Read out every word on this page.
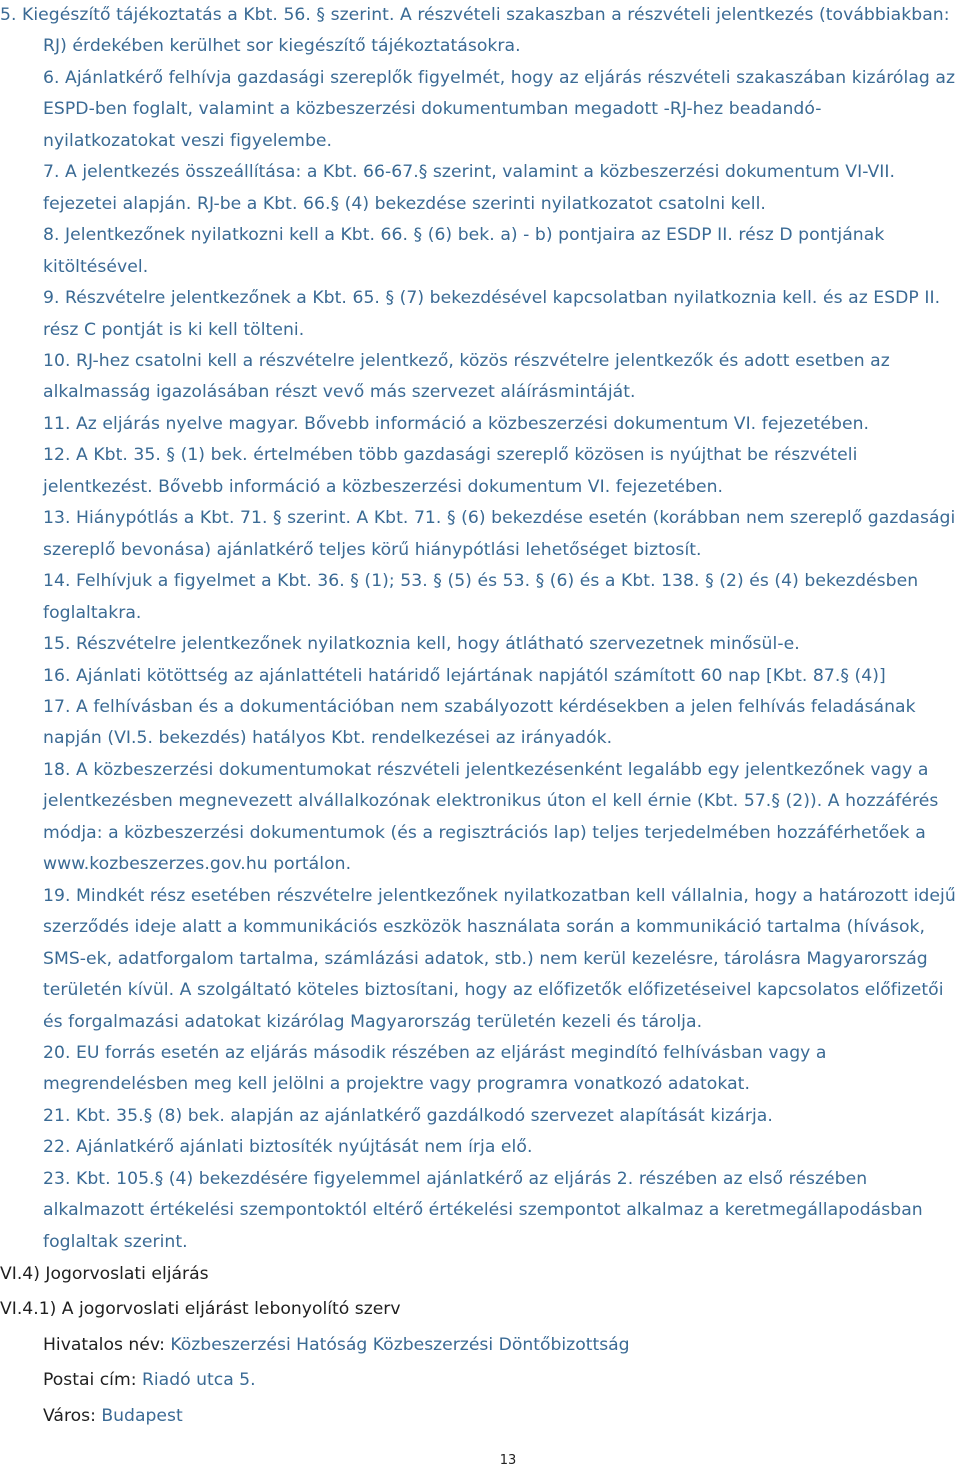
5. Kiegészítő tájékoztatás a Kbt. 56. § szerint. A részvételi szakaszban a részvételi jelentkezés (továbbiakban: RJ) érdekében kerülhet sor kiegészítő tájékoztatásokra.

6. Ajánlatkérő felhívja gazdasági szereplők figyelmét, hogy az eljárás részvételi szakaszában kizárólag az ESPD-ben foglalt, valamint a közbeszerzési dokumentumban megadott -RJ-hez beadandó- nyilatkozatokat veszi figyelembe.

7. A jelentkezés összeállítása: a Kbt. 66-67.§ szerint, valamint a közbeszerzési dokumentum VI-VII. fejezetei alapján. RJ-be a Kbt. 66.§ (4) bekezdése szerinti nyilatkozatot csatolni kell.

8. Jelentkezőnek nyilatkozni kell a Kbt. 66. § (6) bek. a) - b) pontjaira az ESDP II. rész D pontjának kitöltésével.

9. Részvételre jelentkezőnek a Kbt. 65. § (7) bekezdésével kapcsolatban nyilatkoznia kell. és az ESDP II. rész C pontját is ki kell tölteni.

10. RJ-hez csatolni kell a részvételre jelentkező, közös részvételre jelentkezők és adott esetben az alkalmasság igazolásában részt vevő más szervezet aláírásmintáját.

11. Az eljárás nyelve magyar. Bővebb információ a közbeszerzési dokumentum VI. fejezetében.

12. A Kbt. 35. § (1) bek. értelmében több gazdasági szereplő közösen is nyújthat be részvételi jelentkezést. Bővebb információ a közbeszerzési dokumentum VI. fejezetében.

13. Hiánypótlás a Kbt. 71. § szerint. A Kbt. 71. § (6) bekezdése esetén (korábban nem szereplő gazdasági szereplő bevonása) ajánlatkérő teljes körű hiánypótlási lehetőséget biztosít.

14. Felhívjuk a figyelmet a Kbt. 36. § (1); 53. § (5) és 53. § (6) és a Kbt. 138. § (2) és (4) bekezdésben foglaltakra.

15. Részvételre jelentkezőnek nyilatkoznia kell, hogy átlátható szervezetnek minősül-e.

16. Ajánlati kötöttség az ajánlattételi határidő lejártának napjától számított 60 nap [Kbt. 87.§ (4)]

17. A felhívásban és a dokumentációban nem szabályozott kérdésekben a jelen felhívás feladásának napján (VI.5. bekezdés) hatályos Kbt. rendelkezései az irányadók.

18. A közbeszerzési dokumentumokat részvételi jelentkezésenként legalább egy jelentkezőnek vagy a jelentkezésben megnevezett alvállalkozónak elektronikus úton el kell érnie (Kbt. 57.§ (2)). A hozzáférés módja: a közbeszerzési dokumentumok (és a regisztrációs lap) teljes terjedelmében hozzáférhetőek a www.kozbeszerzes.gov.hu portálon.

19. Mindkét rész esetében részvételre jelentkezőnek nyilatkozatban kell vállalnia, hogy a határozott idejű szerződés ideje alatt a kommunikációs eszközök használata során a kommunikáció tartalma (hívások, SMS-ek, adatforgalom tartalma, számlázási adatok, stb.) nem kerül kezelésre, tárolásra Magyarország területén kívül. A szolgáltató köteles biztosítani, hogy az előfizetők előfizetéseivel kapcsolatos előfizetői és forgalmazási adatokat kizárólag Magyarország területén kezeli és tárolja.

20. EU forrás esetén az eljárás második részében az eljárást megindító felhívásban vagy a megrendelésben meg kell jelölni a projektre vagy programra vonatkozó adatokat.

21. Kbt. 35.§ (8) bek. alapján az ajánlatkérő gazdálkodó szervezet alapítását kizárja.

22. Ajánlatkérő ajánlati biztosíték nyújtását nem írja elő.

23. Kbt. 105.§ (4) bekezdésére figyelemmel ajánlatkérő az eljárás 2. részében az első részében alkalmazott értékelési szempontoktól eltérő értékelési szempontot alkalmaz a keretmegállapodásban foglaltak szerint.

VI.4) Jogorvoslati eljárás
VI.4.1) A jogorvoslati eljárást lebonyolító szerv
Hivatalos név: Közbeszerzési Hatóság Közbeszerzési Döntőbizottság
Postai cím: Riadó utca 5.
Város: Budapest
13
